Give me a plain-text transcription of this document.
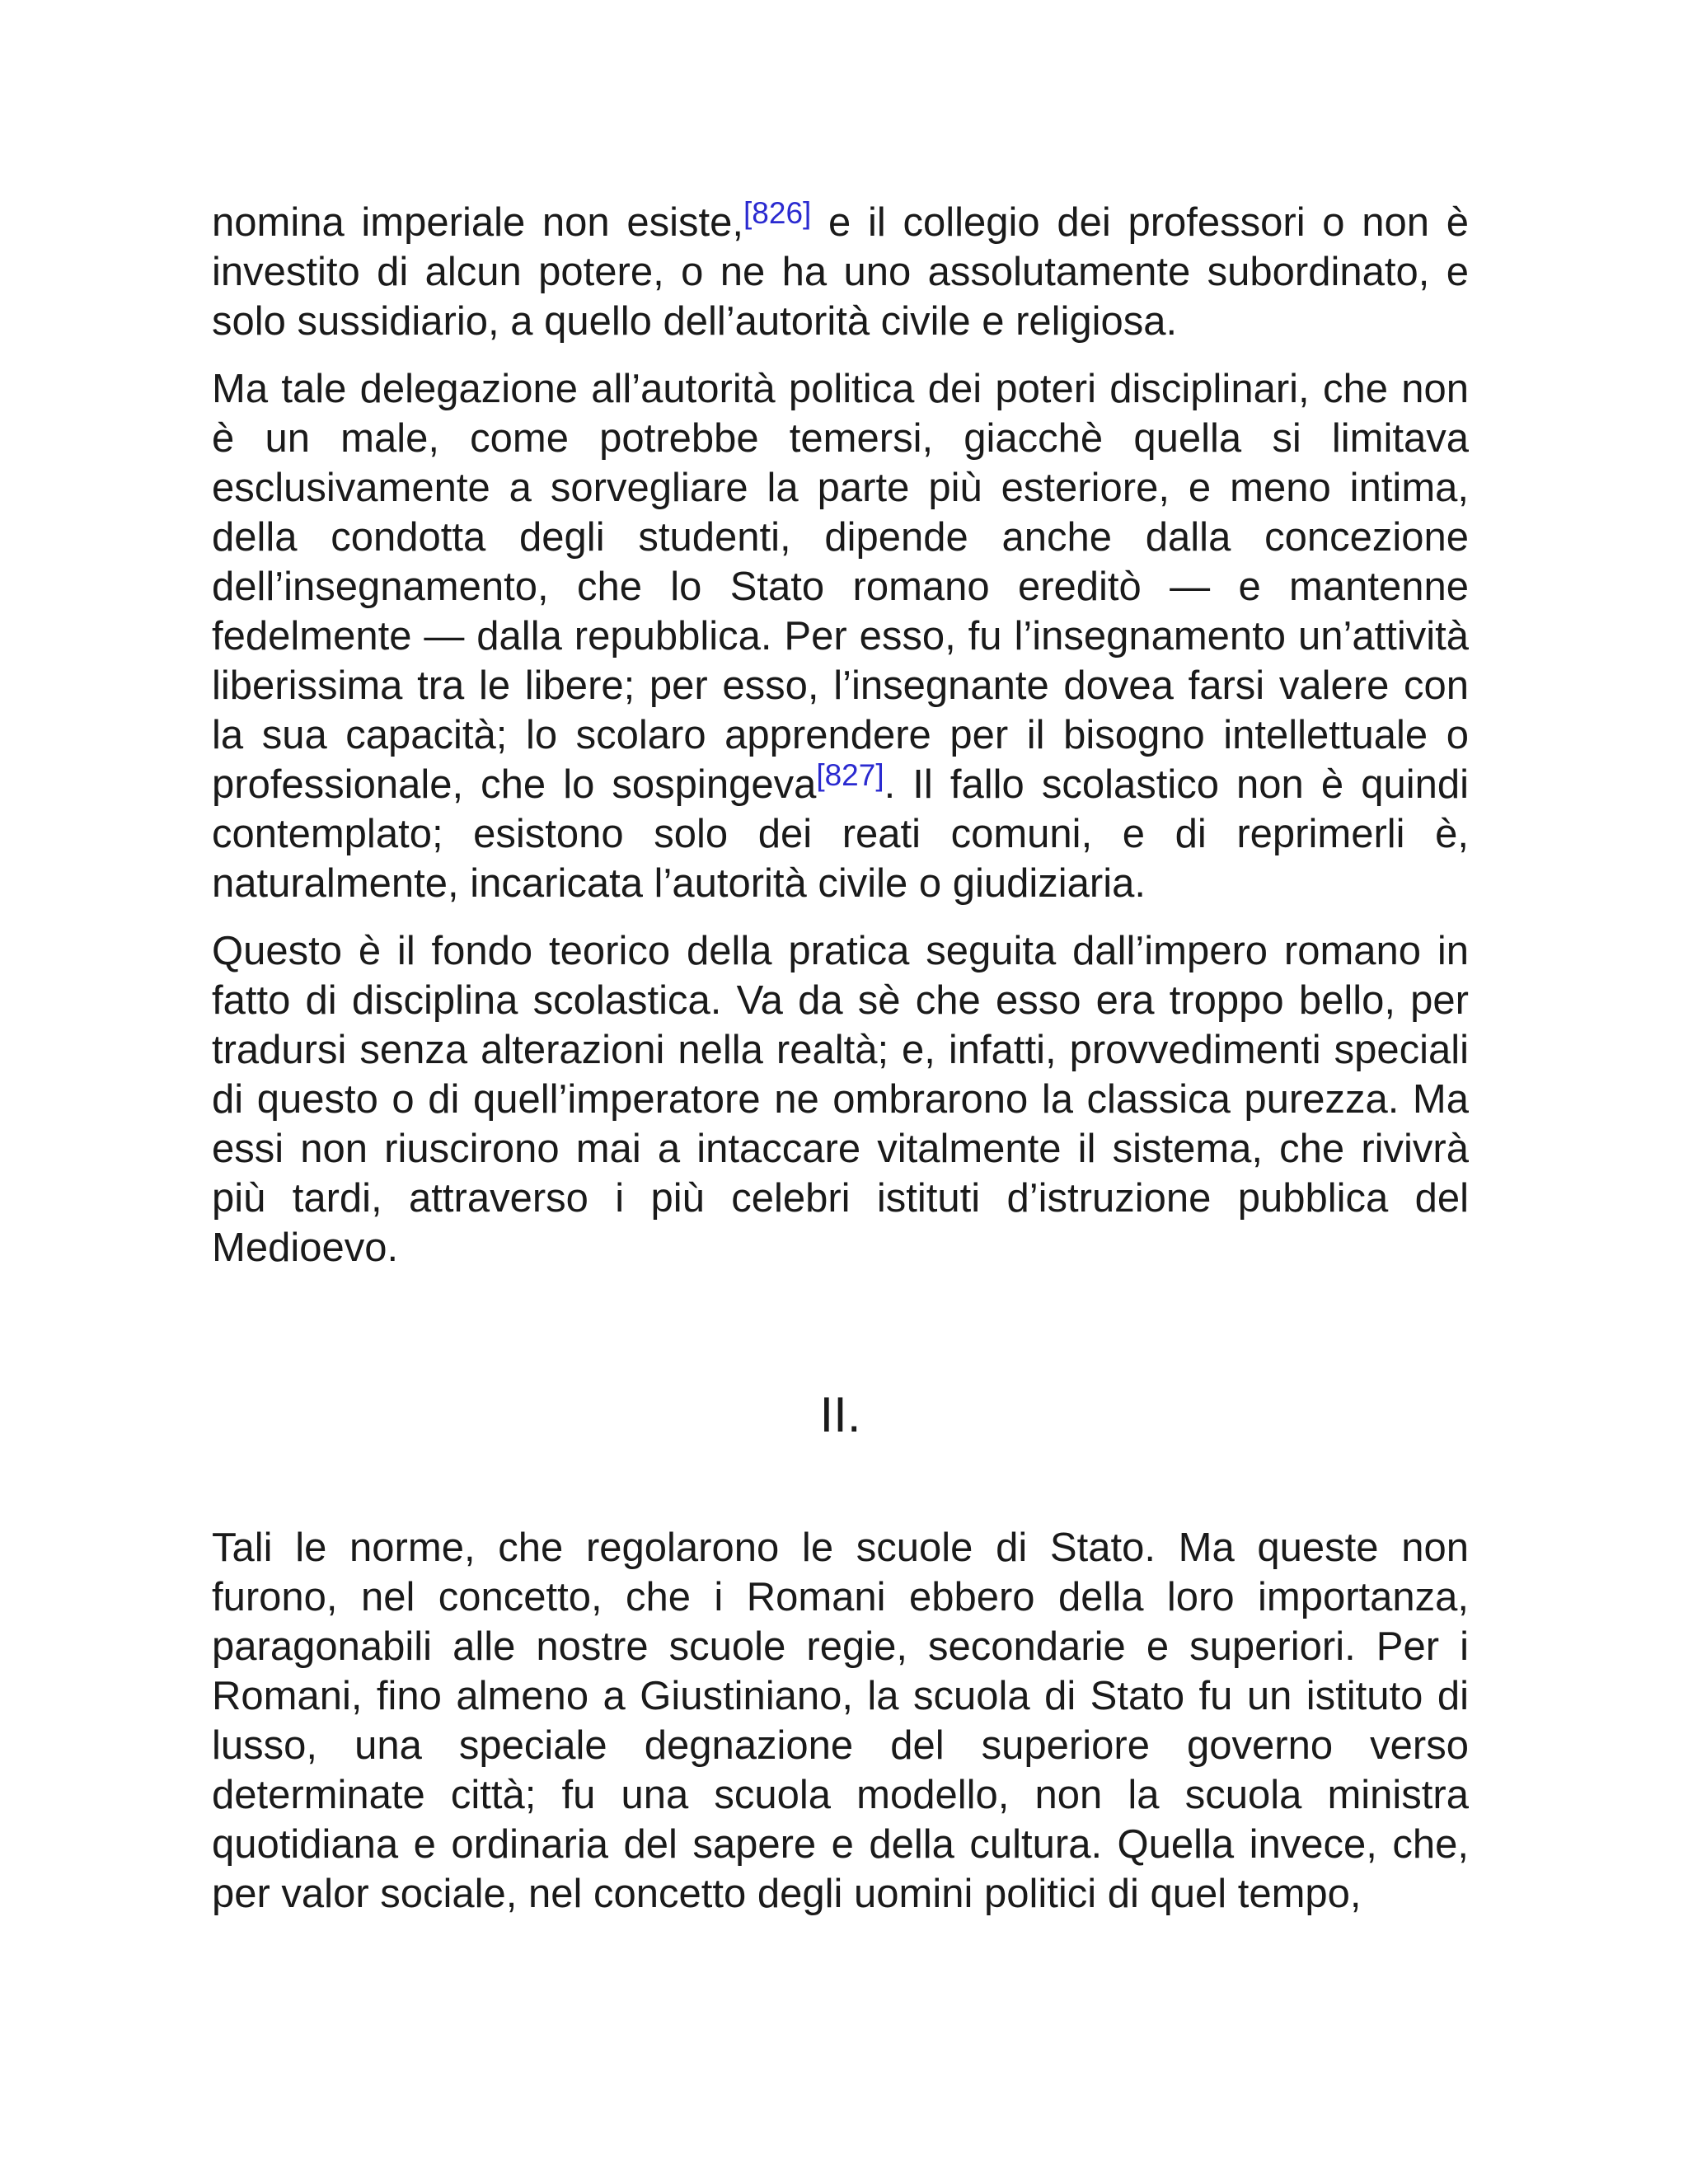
nomina imperiale non esiste,[826] e il collegio dei professori o non è investito di alcun potere, o ne ha uno assolutamente subordinato, e solo sussidiario, a quello dell’autorità civile e religiosa.

Ma tale delegazione all’autorità politica dei poteri disciplinari, che non è un male, come potrebbe temersi, giacchè quella si limitava esclusivamente a sorvegliare la parte più esteriore, e meno intima, della condotta degli studenti, dipende anche dalla concezione dell’insegnamento, che lo Stato romano ereditò — e mantenne fedelmente — dalla repubblica. Per esso, fu l’insegnamento un’attività liberissima tra le libere; per esso, l’insegnante dovea farsi valere con la sua capacità; lo scolaro apprendere per il bisogno intellettuale o professionale, che lo sospingeva[827]. Il fallo scolastico non è quindi contemplato; esistono solo dei reati comuni, e di reprimerli è, naturalmente, incaricata l’autorità civile o giudiziaria.

Questo è il fondo teorico della pratica seguita dall’impero romano in fatto di disciplina scolastica. Va da sè che esso era troppo bello, per tradursi senza alterazioni nella realtà; e, infatti, provvedimenti speciali di questo o di quell’imperatore ne ombrarono la classica purezza. Ma essi non riuscirono mai a intaccare vitalmente il sistema, che rivivrà più tardi, attraverso i più celebri istituti d’istruzione pubblica del Medioevo.

II.

Tali le norme, che regolarono le scuole di Stato. Ma queste non furono, nel concetto, che i Romani ebbero della loro importanza, paragonabili alle nostre scuole regie, secondarie e superiori. Per i Romani, fino almeno a Giustiniano, la scuola di Stato fu un istituto di lusso, una speciale degnazione del superiore governo verso determinate città; fu una scuola modello, non la scuola ministra quotidiana e ordinaria del sapere e della cultura. Quella invece, che, per valor sociale, nel concetto degli uomini politici di quel tempo,
